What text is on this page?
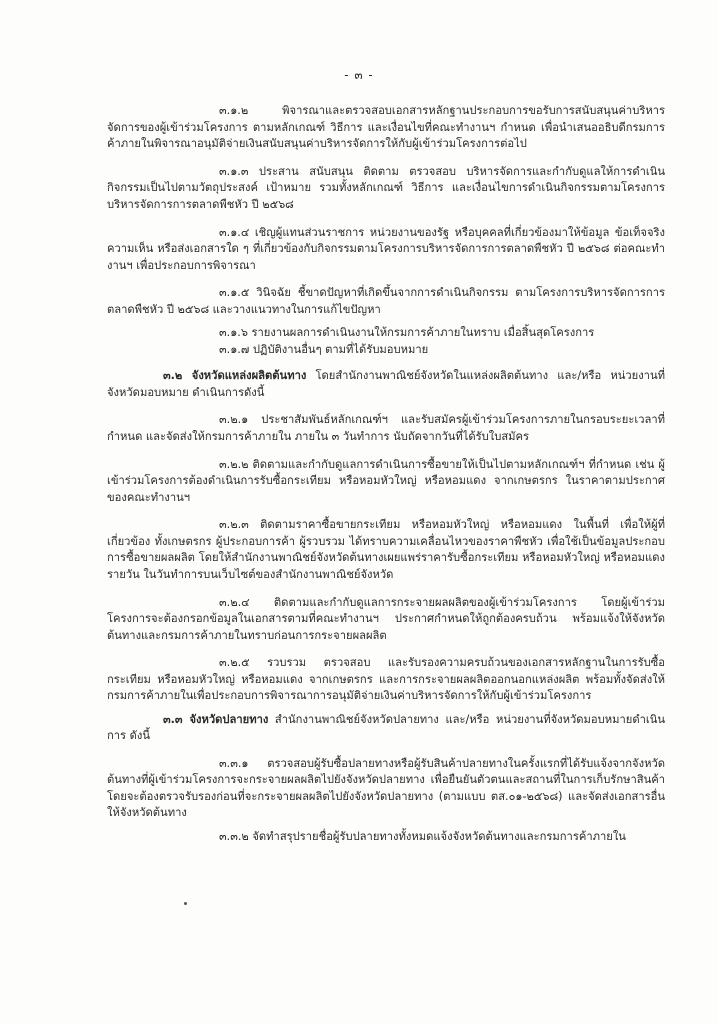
- ๓ -

๓.๑.๒ พิจารณาและตรวจสอบเอกสารหลักฐานประกอบการขอรับการสนับสนุนค่าบริหารจัดการของผู้เข้าร่วมโครงการ ตามหลักเกณฑ์ วิธีการ และเงื่อนไขที่คณะทำงานฯ กำหนด เพื่อนำเสนออธิบดีกรมการค้าภายในพิจารณาอนุมัติจ่ายเงินสนับสนุนค่าบริหารจัดการให้กับผู้เข้าร่วมโครงการต่อไป

๓.๑.๓ ประสาน สนับสนุน ติดตาม ตรวจสอบ บริหารจัดการและกำกับดูแลให้การดำเนินกิจกรรมเป็นไปตามวัตถุประสงค์ เป้าหมาย รวมทั้งหลักเกณฑ์ วิธีการ และเงื่อนไขการดำเนินกิจกรรมตามโครงการบริหารจัดการการตลาดพืชหัว ปี ๒๕๖๘

๓.๑.๔ เชิญผู้แทนส่วนราชการ หน่วยงานของรัฐ หรือบุคคลที่เกี่ยวข้องมาให้ข้อมูล ข้อเท็จจริง ความเห็น หรือส่งเอกสารใด ๆ ที่เกี่ยวข้องกับกิจกรรมตามโครงการบริหารจัดการการตลาดพืชหัว ปี ๒๕๖๘ ต่อคณะทำงานฯ เพื่อประกอบการพิจารณา

๓.๑.๕ วินิจฉัย ชี้ขาดปัญหาที่เกิดขึ้นจากการดำเนินกิจกรรม ตามโครงการบริหารจัดการการตลาดพืชหัว ปี ๒๕๖๘ และวางแนวทางในการแก้ไขปัญหา

๓.๑.๖ รายงานผลการดำเนินงานให้กรมการค้าภายในทราบ เมื่อสิ้นสุดโครงการ
๓.๑.๗ ปฏิบัติงานอื่นๆ ตามที่ได้รับมอบหมาย

๓.๒ จังหวัดแหล่งผลิตต้นทาง โดยสำนักงานพาณิชย์จังหวัดในแหล่งผลิตต้นทาง และ/หรือ หน่วยงานที่จังหวัดมอบหมาย ดำเนินการดังนี้

๓.๒.๑ ประชาสัมพันธ์หลักเกณฑ์ฯ และรับสมัครผู้เข้าร่วมโครงการภายในกรอบระยะเวลาที่กำหนด และจัดส่งให้กรมการค้าภายใน ภายใน ๓ วันทำการ นับถัดจากวันที่ได้รับใบสมัคร

๓.๒.๒ ติดตามและกำกับดูแลการดำเนินการซื้อขายให้เป็นไปตามหลักเกณฑ์ฯ ที่กำหนด เช่น ผู้เข้าร่วมโครงการต้องดำเนินการรับซื้อกระเทียม หรือหอมหัวใหญ่ หรือหอมแดง จากเกษตรกร ในราคาตามประกาศของคณะทำงานฯ

๓.๒.๓ ติดตามราคาซื้อขายกระเทียม หรือหอมหัวใหญ่ หรือหอมแดง ในพื้นที่ เพื่อให้ผู้ที่เกี่ยวข้อง ทั้งเกษตรกร ผู้ประกอบการค้า ผู้รวบรวม ได้ทราบความเคลื่อนไหวของราคาพืชหัว เพื่อใช้เป็นข้อมูลประกอบการซื้อขายผลผลิต โดยให้สำนักงานพาณิชย์จังหวัดต้นทางเผยแพร่ราคารับซื้อกระเทียม หรือหอมหัวใหญ่ หรือหอมแดงรายวัน ในวันทำการบนเว็บไซต์ของสำนักงานพาณิชย์จังหวัด

๓.๒.๔ ติดตามและกำกับดูแลการกระจายผลผลิตของผู้เข้าร่วมโครงการ โดยผู้เข้าร่วมโครงการจะต้องกรอกข้อมูลในเอกสารตามที่คณะทำงานฯ ประกาศกำหนดให้ถูกต้องครบถ้วน พร้อมแจ้งให้จังหวัดต้นทางและกรมการค้าภายในทราบก่อนการกระจายผลผลิต

๓.๒.๕ รวบรวม ตรวจสอบ และรับรองความครบถ้วนของเอกสารหลักฐานในการรับซื้อกระเทียม หรือหอมหัวใหญ่ หรือหอมแดง จากเกษตรกร และการกระจายผลผลิตออกนอกแหล่งผลิต พร้อมทั้งจัดส่งให้กรมการค้าภายในเพื่อประกอบการพิจารณาการอนุมัติจ่ายเงินค่าบริหารจัดการให้กับผู้เข้าร่วมโครงการ

๓.๓ จังหวัดปลายทาง สำนักงานพาณิชย์จังหวัดปลายทาง และ/หรือ หน่วยงานที่จังหวัดมอบหมายดำเนินการ ดังนี้

๓.๓.๑ ตรวจสอบผู้รับซื้อปลายทางหรือผู้รับสินค้าปลายทางในครั้งแรกที่ได้รับแจ้งจากจังหวัดต้นทางที่ผู้เข้าร่วมโครงการจะกระจายผลผลิตไปยังจังหวัดปลายทาง เพื่อยืนยันตัวตนและสถานที่ในการเก็บรักษาสินค้า โดยจะต้องตรวจรับรองก่อนที่จะกระจายผลผลิตไปยังจังหวัดปลายทาง (ตามแบบ ตส.๐๑-๒๕๖๘) และจัดส่งเอกสารอื่นให้จังหวัดต้นทาง

๓.๓.๒ จัดทำสรุปรายชื่อผู้รับปลายทางทั้งหมดแจ้งจังหวัดต้นทางและกรมการค้าภายใน
